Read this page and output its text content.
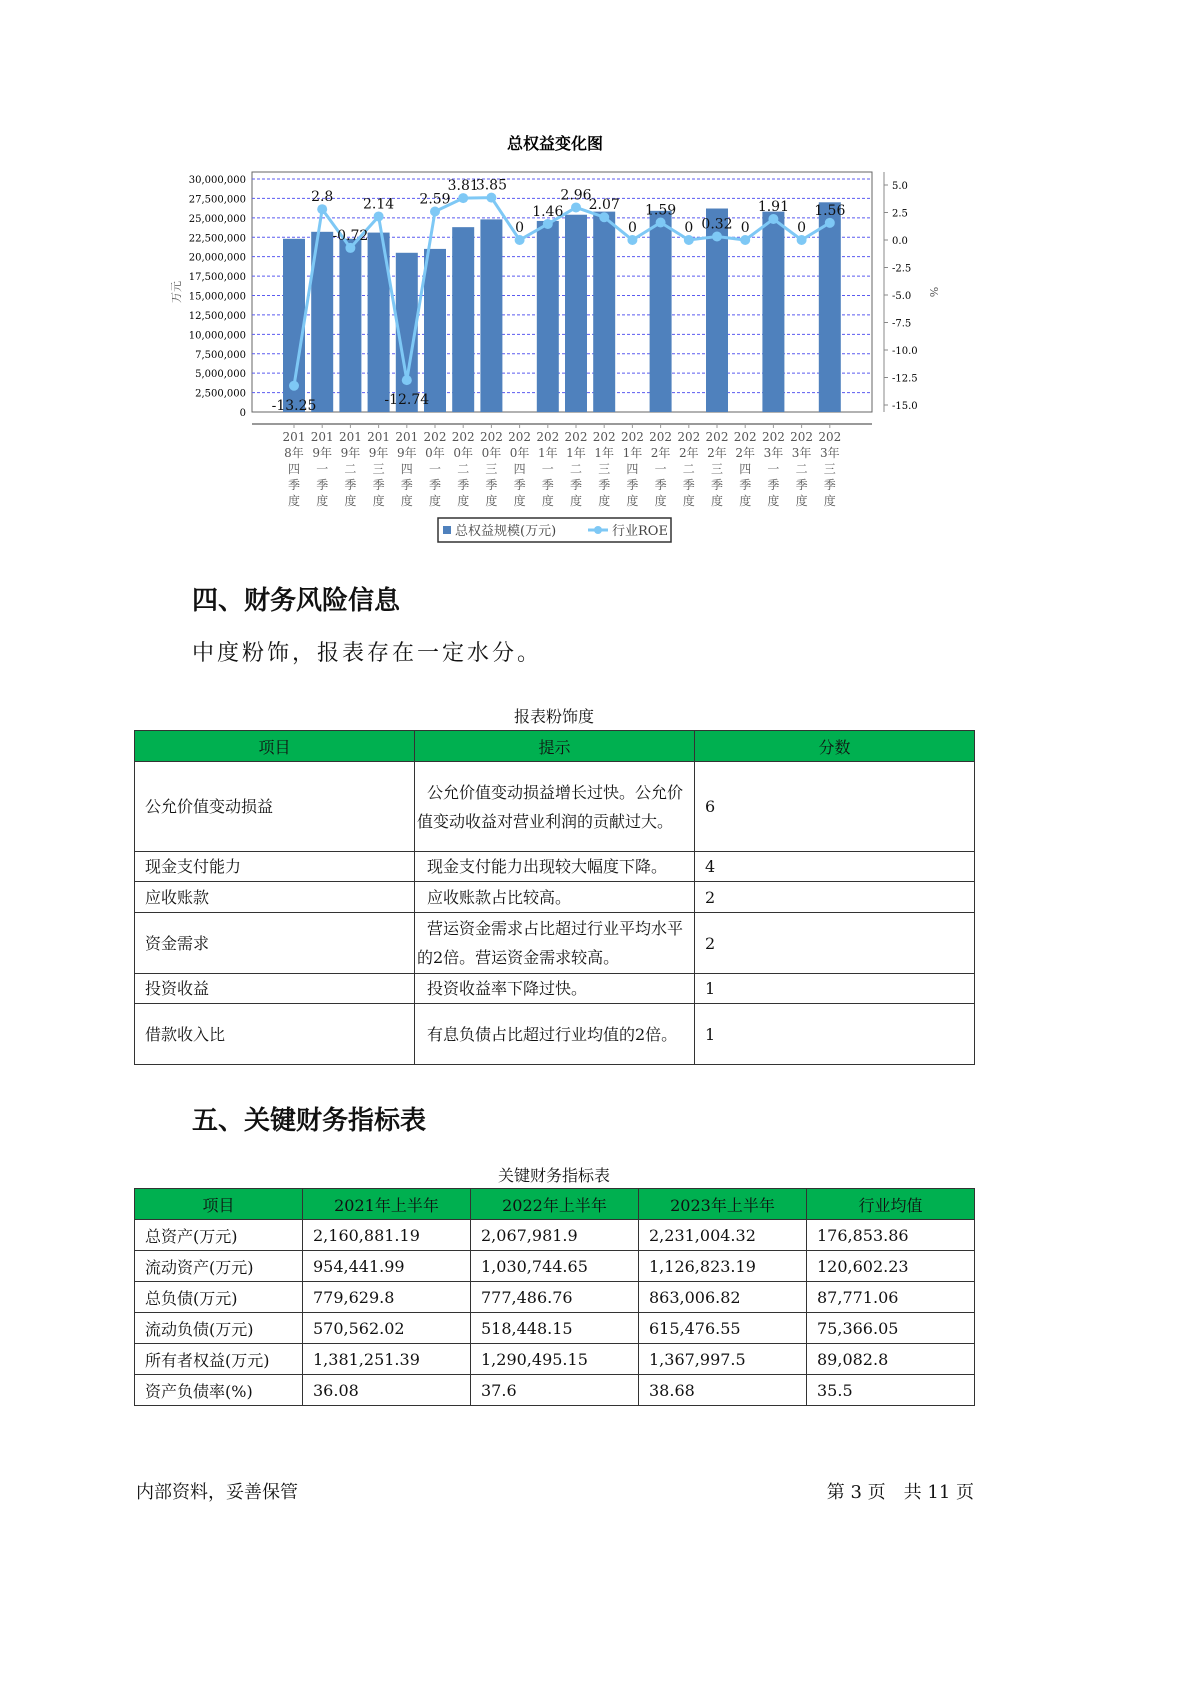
总权益变化图
30,000,000
27,500,000
25,000,000
22,500,000
20,000,000
17,500,000
15,000,000
12,500,000
10,000,000
7,500,000
5,000,000
2,500,000
0
5.0
2.5
0.0
-2.5
-5.0
-7.5
-10.0
-12.5
-15.0
万元	%
201
8年
四
季
度
201
9年
一
季
度
201
9年
二
季
度
201
9年
三
季
度
201
9年
四
季
度
202
0年
一
季
度
202
0年
二
季
度
202
0年
三
季
度
202
0年
四
季
度
202
1年
一
季
度
202
1年
二
季
度
202
1年
三
季
度
202
1年
四
季
度
202
2年
一
季
度
202
2年
二
季
度
202
2年
三
季
度
202
2年
四
季
度
202
3年
一
季
度
202
3年
二
季
度
202
3年
三
季
度
-13.25
2.8
-0.72
2.14
-12.74
2.59
3.81
3.85
0
1.46
2.96
2.07
0
1.59
0 0.32 0
1.91
0
1.56
总权益规模(万元)	行业ROE
四、财务风险信息
中度粉饰，报表存在一定水分。
报表粉饰度
项目	提示	分数
公允价值变动损益	公允价值变动损益增长过快。公允价值变动收益对营业利润的贡献过大。	6
现金支付能力	现金支付能力出现较大幅度下降。	4
应收账款	应收账款占比较高。	2
资金需求	营运资金需求占比超过行业平均水平的2倍。营运资金需求较高。	2
投资收益	投资收益率下降过快。	1
借款收入比	有息负债占比超过行业均值的2倍。	1
五、关键财务指标表
关键财务指标表
项目	2021年上半年	2022年上半年	2023年上半年	行业均值
总资产(万元)	2,160,881.19	2,067,981.9	2,231,004.32	176,853.86
流动资产(万元)	954,441.99	1,030,744.65	1,126,823.19	120,602.23
总负债(万元)	779,629.8	777,486.76	863,006.82	87,771.06
流动负债(万元)	570,562.02	518,448.15	615,476.55	75,366.05
所有者权益(万元)	1,381,251.39	1,290,495.15	1,367,997.5	89,082.8
资产负债率(%)	36.08	37.6	38.68	35.5
内部资料，妥善保管	第 3 页　共 11 页
